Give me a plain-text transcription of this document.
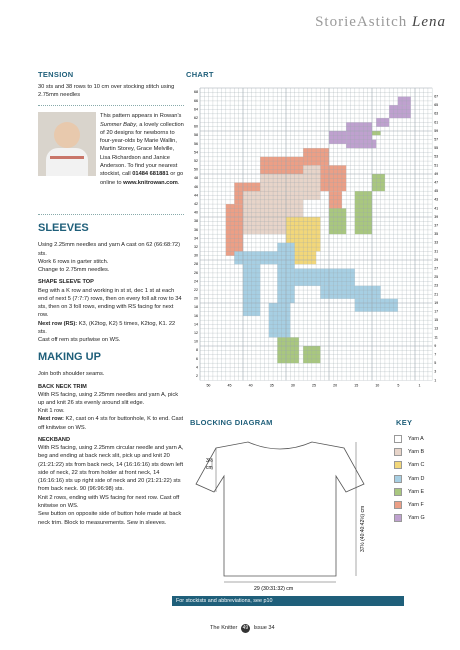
StorieAstitch Lena
TENSION
30 sts and 38 rows to 10 cm over stocking stitch using 2.75mm needles
This pattern appears in Rowan's Summer Baby, a lovely collection of 20 designs for newborns to four-year-olds by Marie Wallin, Martin Storey, Grace Melville, Lisa Richardson and Janice Anderson. To find your nearest stockist, call 01484 681881 or go online to www.knitrowan.com.
SLEEVES
Using 2.25mm needles and yarn A cast on 62 (66:68:72) sts.
Work 6 rows in garter stitch.
Change to 2.75mm needles.
SHAPE SLEEVE TOP
Beg with a K row and working in st st, dec 1 st at each end of next 5 (7:7:7) rows, then on every foll alt row to 34 sts, then on 3 foll rows, ending with RS facing for next row.
Next row (RS): K3, (K2tog, K2) 5 times, K2tog, K1. 22 sts.
Cast off rem sts purlwise on WS.
MAKING UP
Join both shoulder seams.
BACK NECK TRIM
With RS facing, using 2.25mm needles and yarn A, pick up and knit 26 sts evenly around slit edge.
Knit 1 row.
Next row: K2, cast on 4 sts for buttonhole, K to end. Cast off knitwise on WS.
NECKBAND
With RS facing, using 2.25mm circular needle and yarn A, beg and ending at back neck slit, pick up and knit 20 (21:21:22) sts from back neck, 14 (16:16:16) sts down left side of neck, 22 sts from holder at front neck, 14 (16:16:16) sts up right side of neck and 20 (21:21:22) sts from back neck. 90 (96:96:98) sts.
Knit 2 rows, ending with WS facing for next row. Cast off knitwise on WS.
Sew button on opposite side of button hole made at back neck trim. Block to measurements. Sew in sleeves.
CHART
68
66
64
62
60
58
56
54
52
50
48
46
44
42
40
38
36
34
32
30
28
26
24
22
20
18
16
14
12
10
8
6
4
2
67
65
63
61
59
57
55
53
51
49
47
45
43
41
39
37
35
33
31
29
27
25
23
21
19
17
15
13
11
9
7
5
3
1
50	45	40	35	30	25	20	15	10	5	1
BLOCKING DIAGRAM
3½
cm
37½ (40:40:42½) cm
29 (30:31:32) cm
KEY
Yarn A
Yarn B
Yarn C
Yarn D
Yarn E
Yarn F
Yarn G
For stockists and abbreviations, see p10
The Knitter 49 Issue 34
